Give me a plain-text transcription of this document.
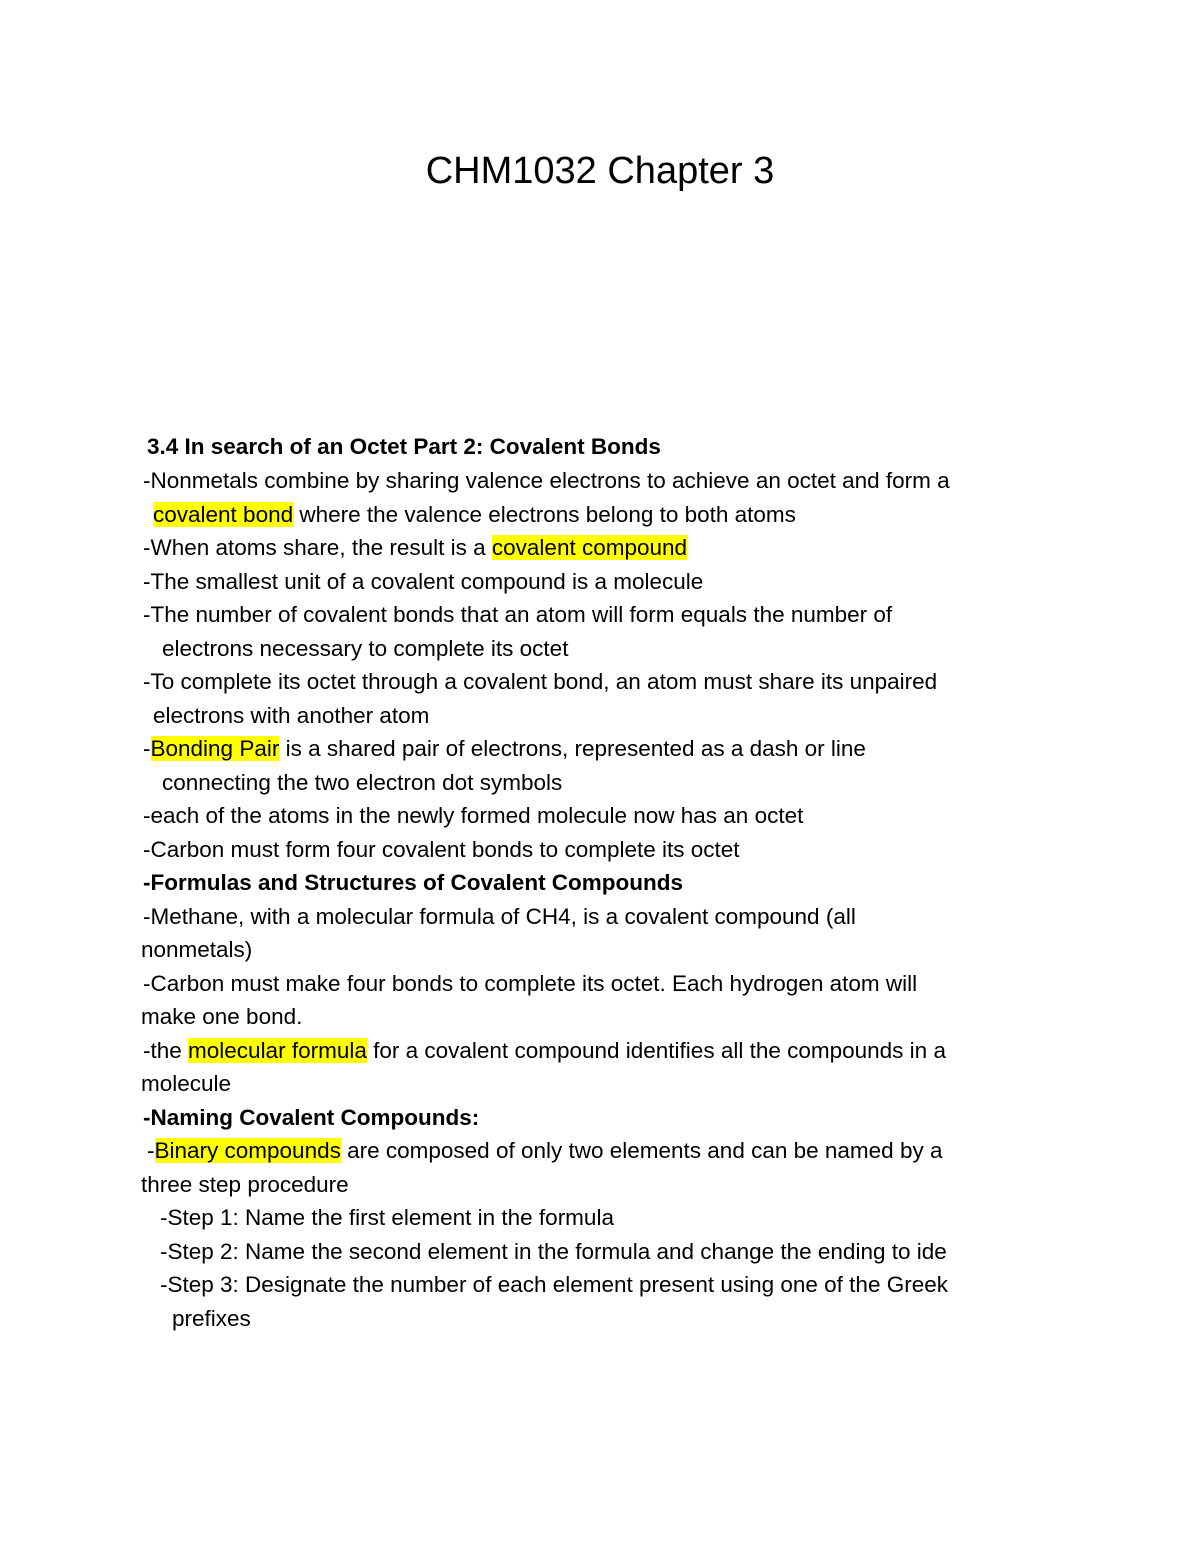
CHM1032 Chapter 3
3.4 In search of an Octet Part 2: Covalent Bonds
-Nonmetals combine by sharing valence electrons to achieve an octet and form a
covalent bond where the valence electrons belong to both atoms
-When atoms share, the result is a covalent compound
-The smallest unit of a covalent compound is a molecule
-The number of covalent bonds that an atom will form equals the number of
electrons necessary to complete its octet
-To complete its octet through a covalent bond, an atom must share its unpaired
electrons with another atom
-Bonding Pair is a shared pair of electrons, represented as a dash or line
connecting the two electron dot symbols
-each of the atoms in the newly formed molecule now has an octet
-Carbon must form four covalent bonds to complete its octet
-Formulas and Structures of Covalent Compounds
-Methane, with a molecular formula of CH4, is a covalent compound (all
nonmetals)
-Carbon must make four bonds to complete its octet. Each hydrogen atom will
make one bond.
-the molecular formula for a covalent compound identifies all the compounds in a
molecule
-Naming Covalent Compounds:
-Binary compounds are composed of only two elements and can be named by a
three step procedure
-Step 1: Name the first element in the formula
-Step 2: Name the second element in the formula and change the ending to ide
-Step 3: Designate the number of each element present using one of the Greek
prefixes
